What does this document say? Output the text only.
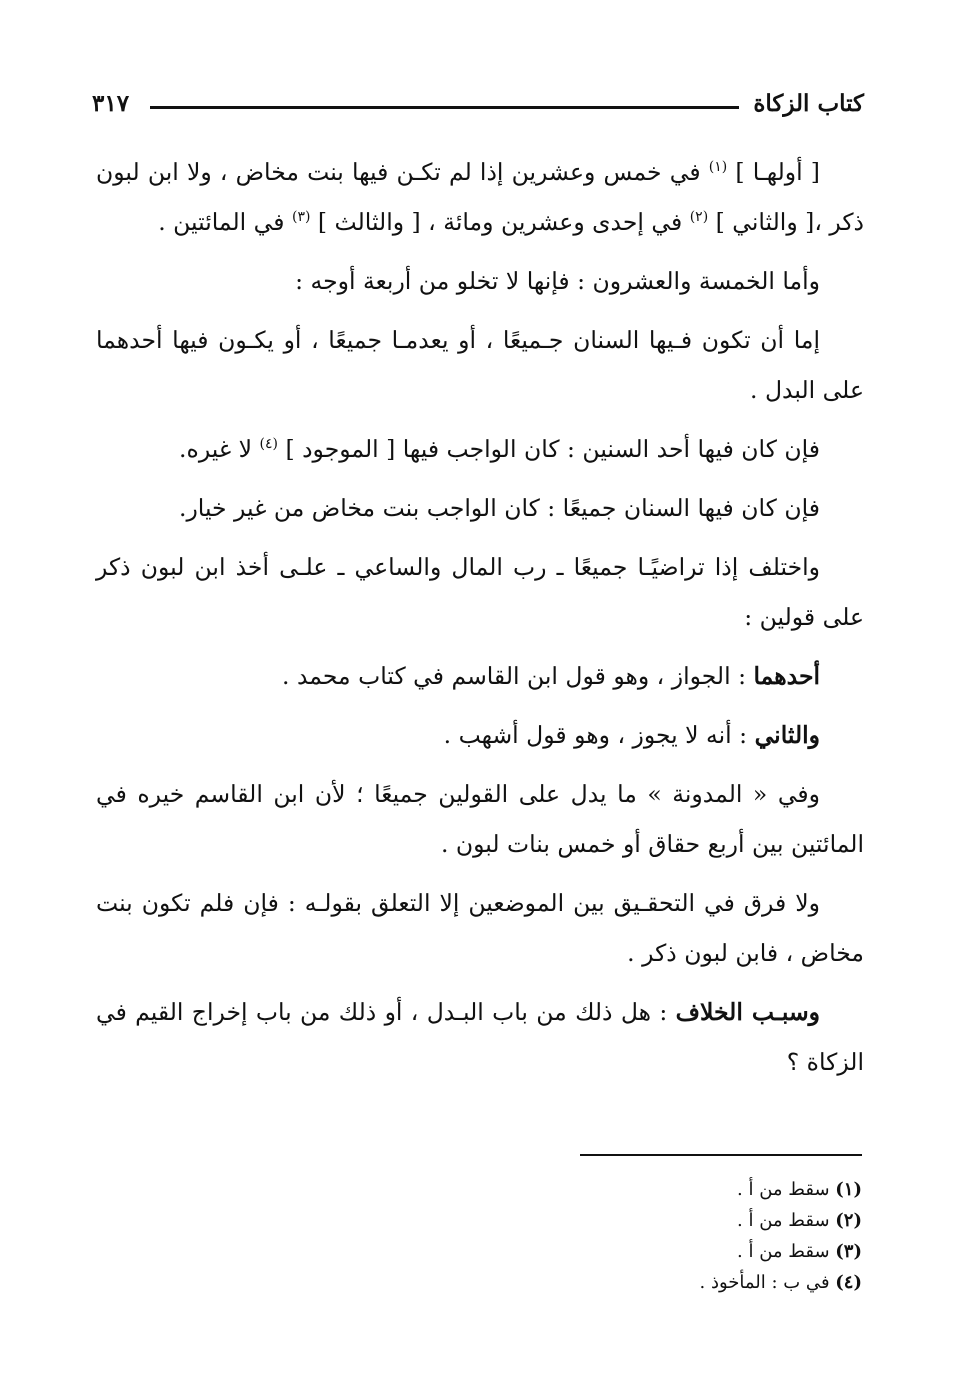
كتاب الزكاة
٣١٧

[ أولهـا ] $^{(١)}$ في خمس وعشرين إذا لم تكـن فيها بنت مخاض ، ولا ابن لبون ذكر ،[ والثاني ] $^{(٢)}$ في إحدى وعشرين ومائة ، [ والثالث ] $^{(٣)}$ في المائتين .

وأما الخمسة والعشرون : فإنها لا تخلو من أربعة أوجه :

إما أن تكون فـيها السنان جـميعًا ، أو يعدمـا جميعًا ، أو يكـون فيها أحدهما على البدل .

فإن كان فيها أحد السنين : كان الواجب فيها [ الموجود ] $^{(٤)}$ لا غيره.

فإن كان فيها السنان جميعًا : كان الواجب بنت مخاض من غير خيار.

واختلف إذا تراضيًـا جميعًا ـ رب المال والساعي ـ علـى أخذ ابن لبون ذكر على قولين :

أحدهما : الجواز ، وهو قول ابن القاسم في كتاب محمد .

والثاني : أنه لا يجوز ، وهو قول أشهب .

وفي « المدونة » ما يدل على القولين جميعًا ؛ لأن ابن القاسم خيره في المائتين بين أربع حقاق أو خمس بنات لبون .

ولا فرق في التحقـيق بين الموضعين إلا التعلق بقولـه : فإن فلم تكون بنت مخاض ، فابن لبون ذكر .

وسبـب الخلاف : هل ذلك من باب البـدل ، أو ذلك من باب إخراج القيم في الزكاة ؟

(١) سقط من أ .
(٢) سقط من أ .
(٣) سقط من أ .
(٤) في ب : المأخوذ .
